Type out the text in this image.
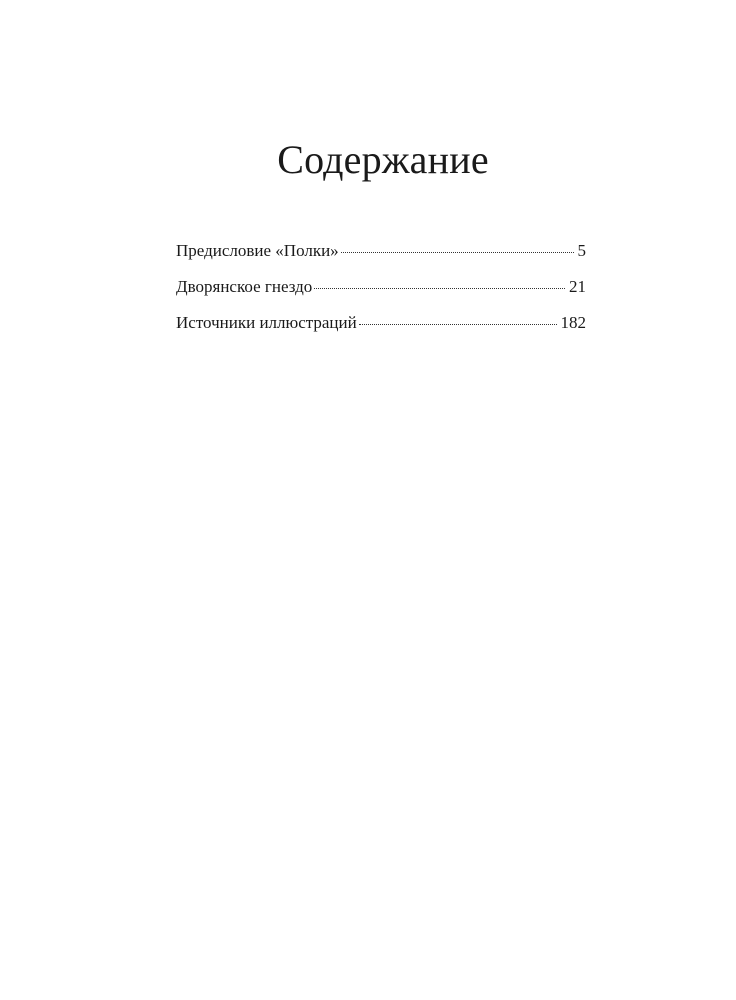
Содержание
Предисловие «Полки»	5
Дворянское гнездо	21
Источники иллюстраций	182
